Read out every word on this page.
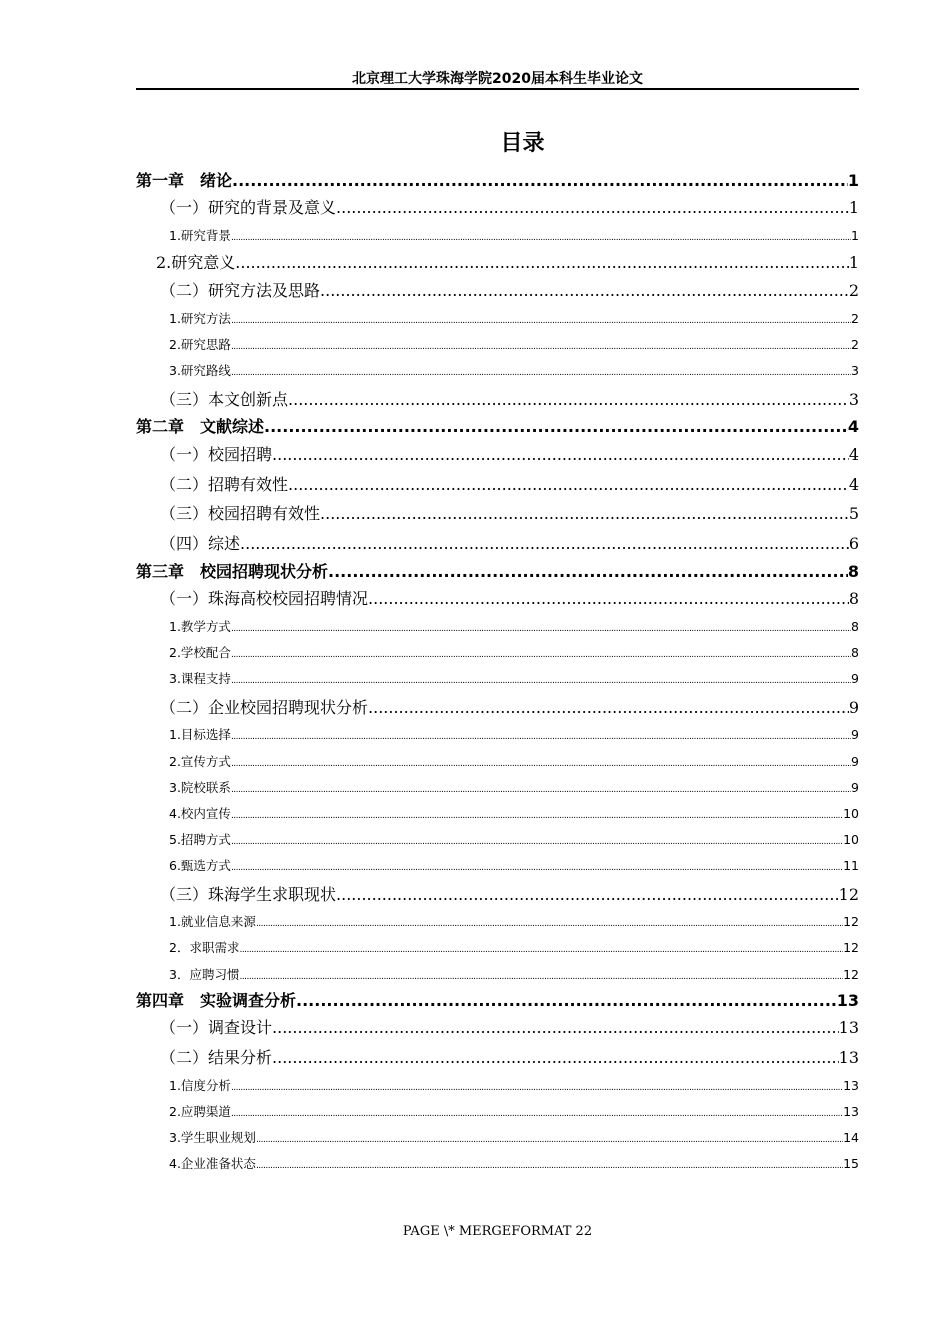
北京理工大学珠海学院2020届本科生毕业论文
目录
第一章　绪论 .....	1
（一）研究的背景及意义 .....	1
1.研究背景 .....	1
2.研究意义 .....	1
（二）研究方法及思路 .....	2
1.研究方法 .....	2
2.研究思路 .....	2
3.研究路线 .....	3
（三）本文创新点 .....	3
第二章　文献综述 .....	4
（一）校园招聘 .....	4
（二）招聘有效性 .....	4
（三）校园招聘有效性 .....	5
（四）综述 .....	6
第三章　校园招聘现状分析 .....	8
（一）珠海高校校园招聘情况 .....	8
1.教学方式 .....	8
2.学校配合 .....	8
3.课程支持 .....	9
（二）企业校园招聘现状分析 .....	9
1.目标选择 .....	9
2.宣传方式 .....	9
3.院校联系 .....	9
4.校内宣传 .....	10
5.招聘方式 .....	10
6.甄选方式 .....	11
（三）珠海学生求职现状 .....	12
1.就业信息来源 .....	12
2．求职需求 .....	12
3．应聘习惯 .....	12
第四章　实验调查分析 .....	13
（一）调查设计 .....	13
（二）结果分析 .....	13
1.信度分析 .....	13
2.应聘渠道 .....	13
3.学生职业规划 .....	14
4.企业准备状态 .....	15
PAGE \* MERGEFORMAT 22
